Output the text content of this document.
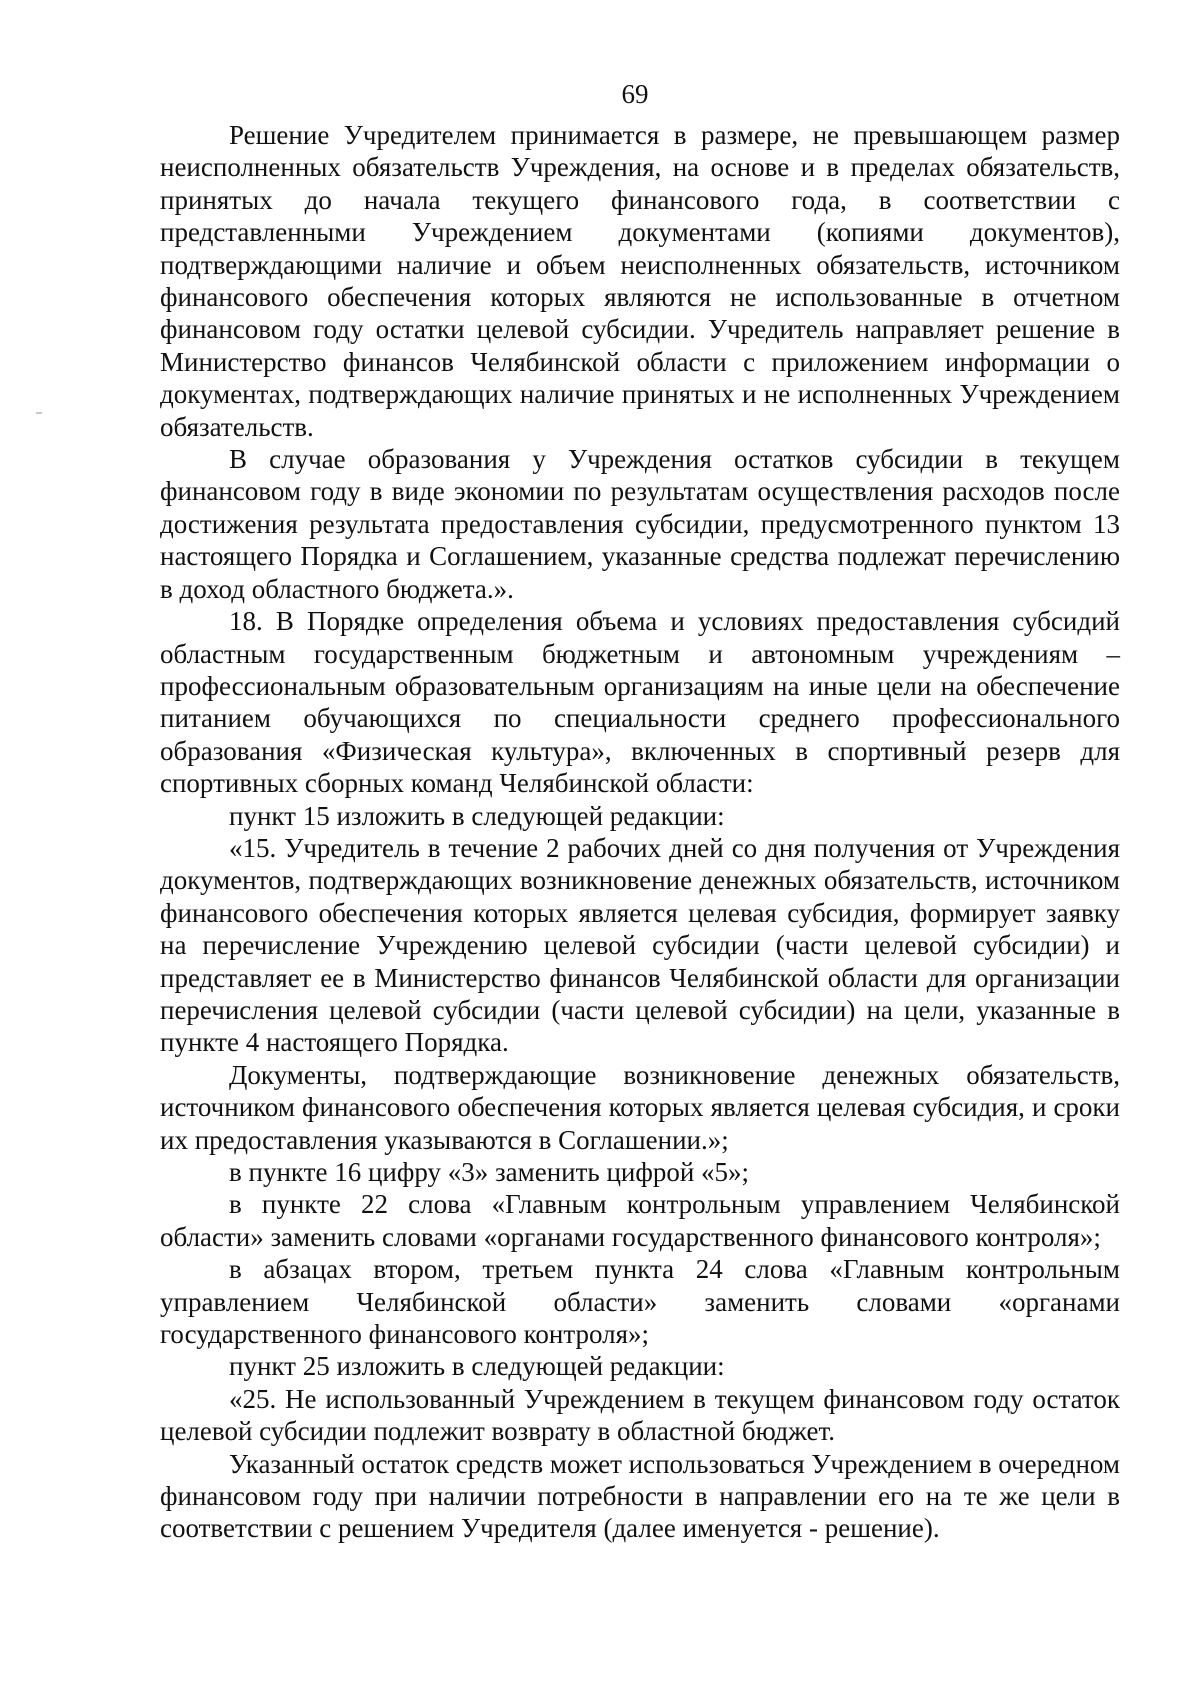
69

Решение Учредителем принимается в размере, не превышающем размер неисполненных обязательств Учреждения, на основе и в пределах обязательств, принятых до начала текущего финансового года, в соответствии с представленными Учреждением документами (копиями документов), подтверждающими наличие и объем неисполненных обязательств, источником финансового обеспечения которых являются не использованные в отчетном финансовом году остатки целевой субсидии. Учредитель направляет решение в Министерство финансов Челябинской области с приложением информации о документах, подтверждающих наличие принятых и не исполненных Учреждением обязательств.

В случае образования у Учреждения остатков субсидии в текущем финансовом году в виде экономии по результатам осуществления расходов после достижения результата предоставления субсидии, предусмотренного пунктом 13 настоящего Порядка и Соглашением, указанные средства подлежат перечислению в доход областного бюджета.».

18. В Порядке определения объема и условиях предоставления субсидий областным государственным бюджетным и автономным учреждениям – профессиональным образовательным организациям на иные цели на обеспечение питанием обучающихся по специальности среднего профессионального образования «Физическая культура», включенных в спортивный резерв для спортивных сборных команд Челябинской области:

пункт 15 изложить в следующей редакции:

«15. Учредитель в течение 2 рабочих дней со дня получения от Учреждения документов, подтверждающих возникновение денежных обязательств, источником финансового обеспечения которых является целевая субсидия, формирует заявку на перечисление Учреждению целевой субсидии (части целевой субсидии) и представляет ее в Министерство финансов Челябинской области для организации перечисления целевой субсидии (части целевой субсидии) на цели, указанные в пункте 4 настоящего Порядка.

Документы, подтверждающие возникновение денежных обязательств, источником финансового обеспечения которых является целевая субсидия, и сроки их предоставления указываются в Соглашении.»;

в пункте 16 цифру «3» заменить цифрой «5»;

в пункте 22 слова «Главным контрольным управлением Челябинской области» заменить словами «органами государственного финансового контроля»;

в абзацах втором, третьем пункта 24 слова «Главным контрольным управлением Челябинской области» заменить словами «органами государственного финансового контроля»;

пункт 25 изложить в следующей редакции:

«25. Не использованный Учреждением в текущем финансовом году остаток целевой субсидии подлежит возврату в областной бюджет.

Указанный остаток средств может использоваться Учреждением в очередном финансовом году при наличии потребности в направлении его на те же цели в соответствии с решением Учредителя (далее именуется - решение).
